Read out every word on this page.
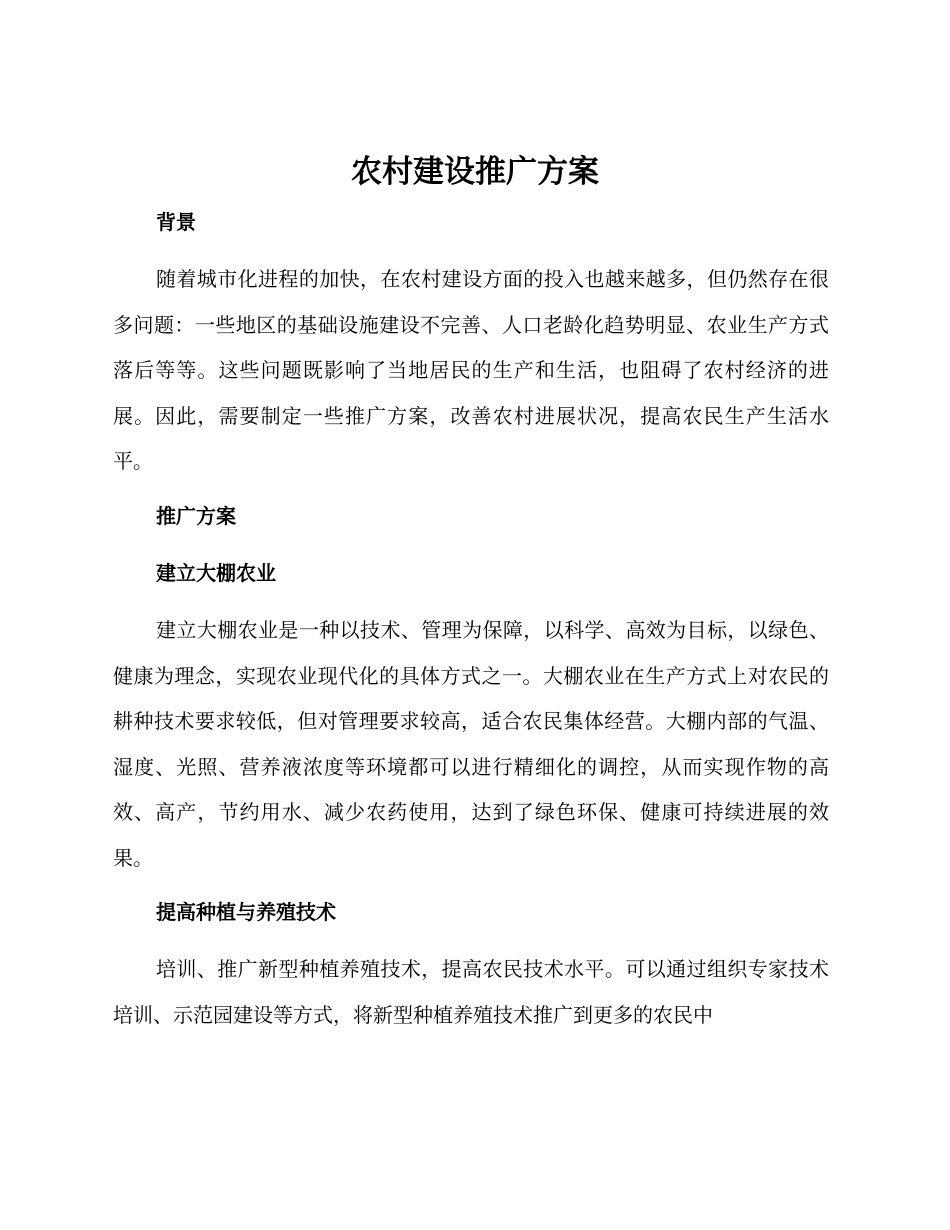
农村建设推广方案
背景

随着城市化进程的加快，在农村建设方面的投入也越来越多，但仍然存在很多问题：一些地区的基础设施建设不完善、人口老龄化趋势明显、农业生产方式落后等等。这些问题既影响了当地居民的生产和生活，也阻碍了农村经济的进展。因此，需要制定一些推广方案，改善农村进展状况，提高农民生产生活水平。

推广方案
建立大棚农业

建立大棚农业是一种以技术、管理为保障，以科学、高效为目标，以绿色、健康为理念，实现农业现代化的具体方式之一。大棚农业在生产方式上对农民的耕种技术要求较低，但对管理要求较高，适合农民集体经营。大棚内部的气温、湿度、光照、营养液浓度等环境都可以进行精细化的调控，从而实现作物的高效、高产，节约用水、减少农药使用，达到了绿色环保、健康可持续进展的效果。

提高种植与养殖技术

培训、推广新型种植养殖技术，提高农民技术水平。可以通过组织专家技术培训、示范园建设等方式，将新型种植养殖技术推广到更多的农民中
